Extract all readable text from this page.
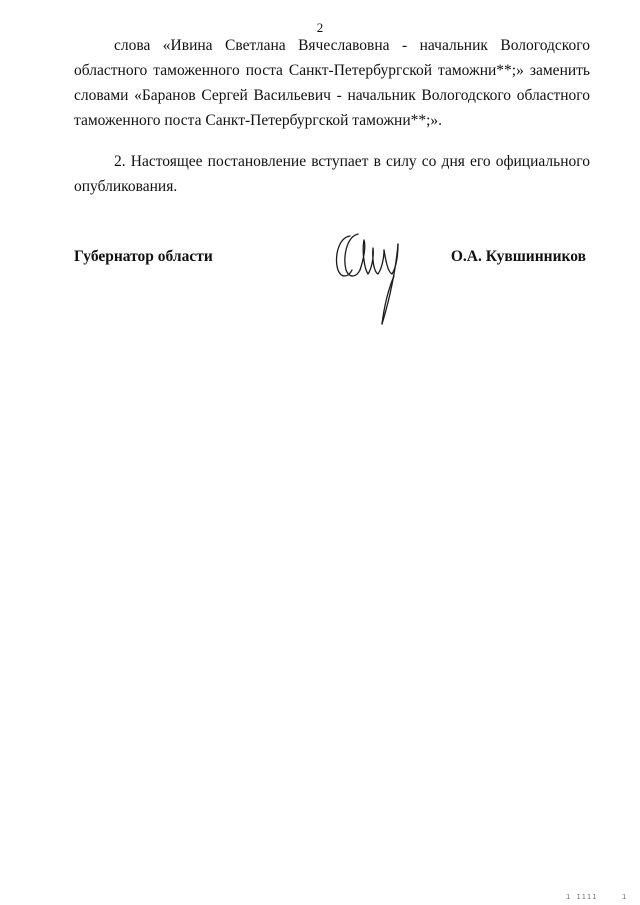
2

слова «Ивина Светлана Вячеславовна - начальник Вологодского
областного таможенного поста Санкт-Петербургской таможни**;» заменить
словами «Баранов Сергей Васильевич - начальник Вологодского областного
таможенного поста Санкт-Петербургской таможни**;».

2. Настоящее постановление вступает в силу со дня его официального
опубликования.

Губернатор области	О.А. Кувшинников
1 1111	1
